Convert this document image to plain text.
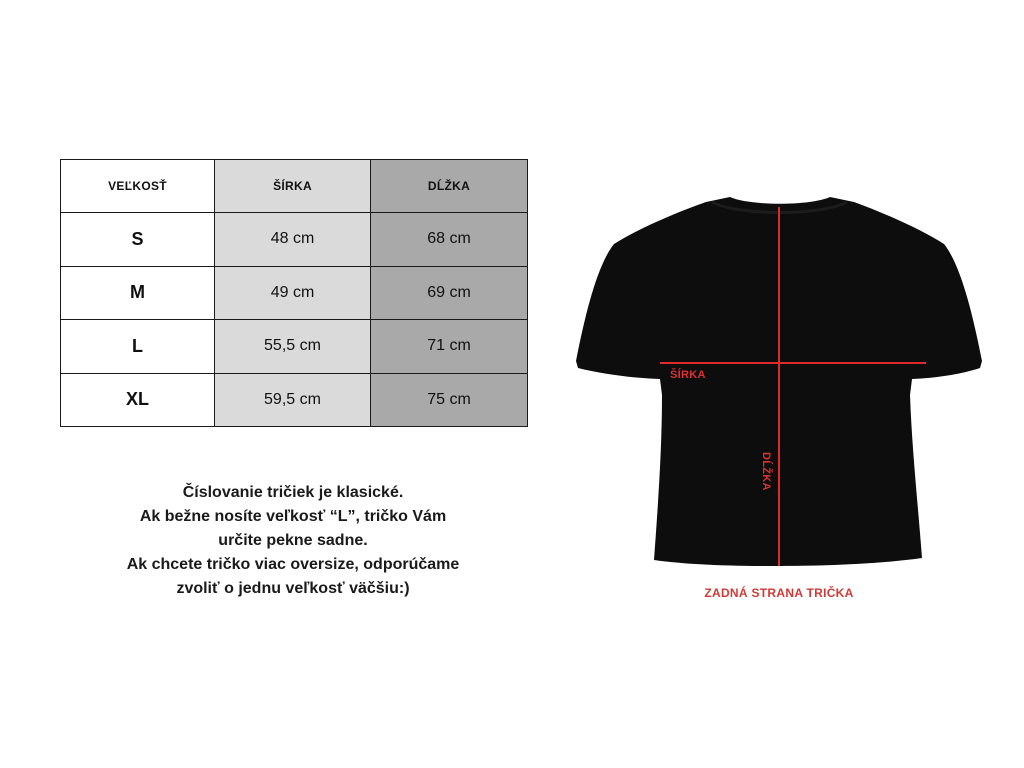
VEĽKOSŤ	ŠÍRKA	DĹŽKA
S	48 cm	68 cm
M	49 cm	69 cm
L	55,5 cm	71 cm
XL	59,5 cm	75 cm
Číslovanie tričiek je klasické.
Ak bežne nosíte veľkosť “L”, tričko Vám
určite pekne sadne.
Ak chcete tričko viac oversize, odporúčame
zvoliť o jednu veľkosť väčšiu:)
ŠÍRKA
DĹŽKA
ZADNÁ STRANA TRIČKA
